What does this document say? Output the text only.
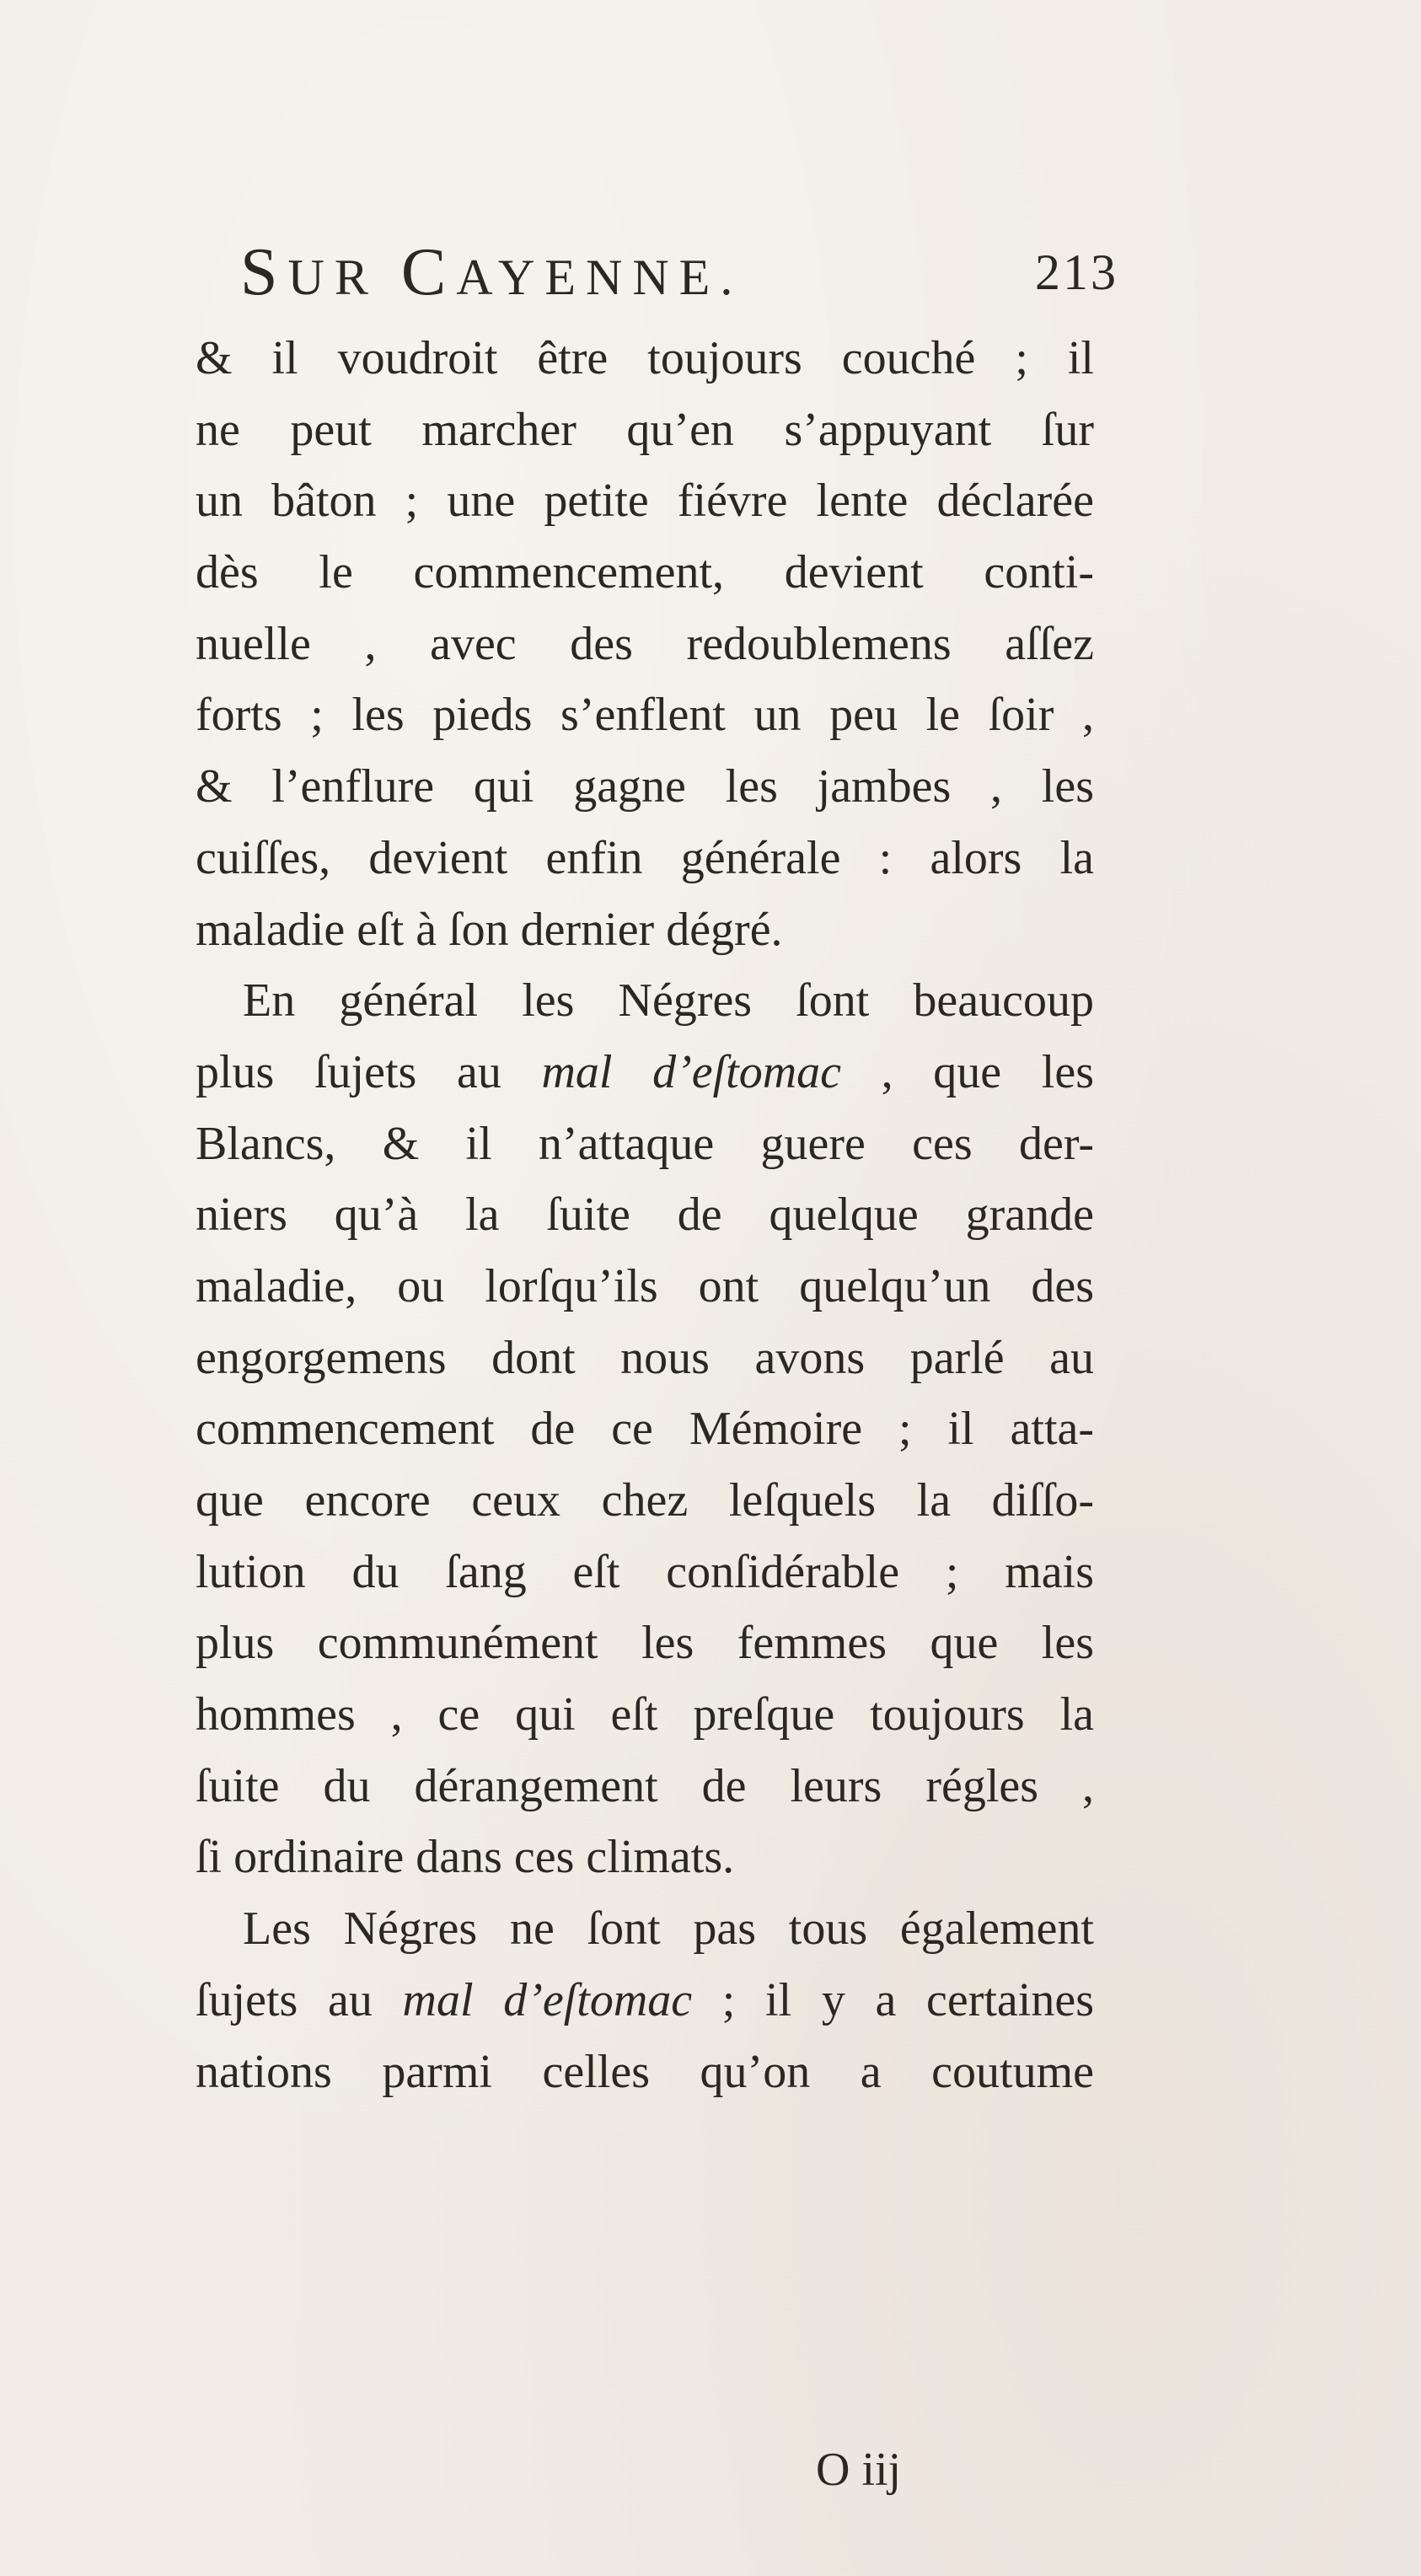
SUR CAYENNE.	213
& il voudroit être toujours couché ; il
ne peut marcher qu’en s’appuyant ſur
un bâton ; une petite fiévre lente déclarée
dès le commencement, devient conti-
nuelle , avec des redoublemens aſſez
forts ; les pieds s’enflent un peu le ſoir ,
& l’enflure qui gagne les jambes , les
cuiſſes, devient enfin générale : alors la
maladie eſt à ſon dernier dégré.
En général les Négres ſont beaucoup
plus ſujets au mal d’eſtomac , que les
Blancs, & il n’attaque guere ces der-
niers qu’à la ſuite de quelque grande
maladie, ou lorſqu’ils ont quelqu’un des
engorgemens dont nous avons parlé au
commencement de ce Mémoire ; il atta-
que encore ceux chez leſquels la diſſo-
lution du ſang eſt conſidérable ; mais
plus communément les femmes que les
hommes , ce qui eſt preſque toujours la
ſuite du dérangement de leurs régles ,
ſi ordinaire dans ces climats.
Les Négres ne ſont pas tous également
ſujets au mal d’eſtomac ; il y a certaines
nations parmi celles qu’on a coutume
O iij
